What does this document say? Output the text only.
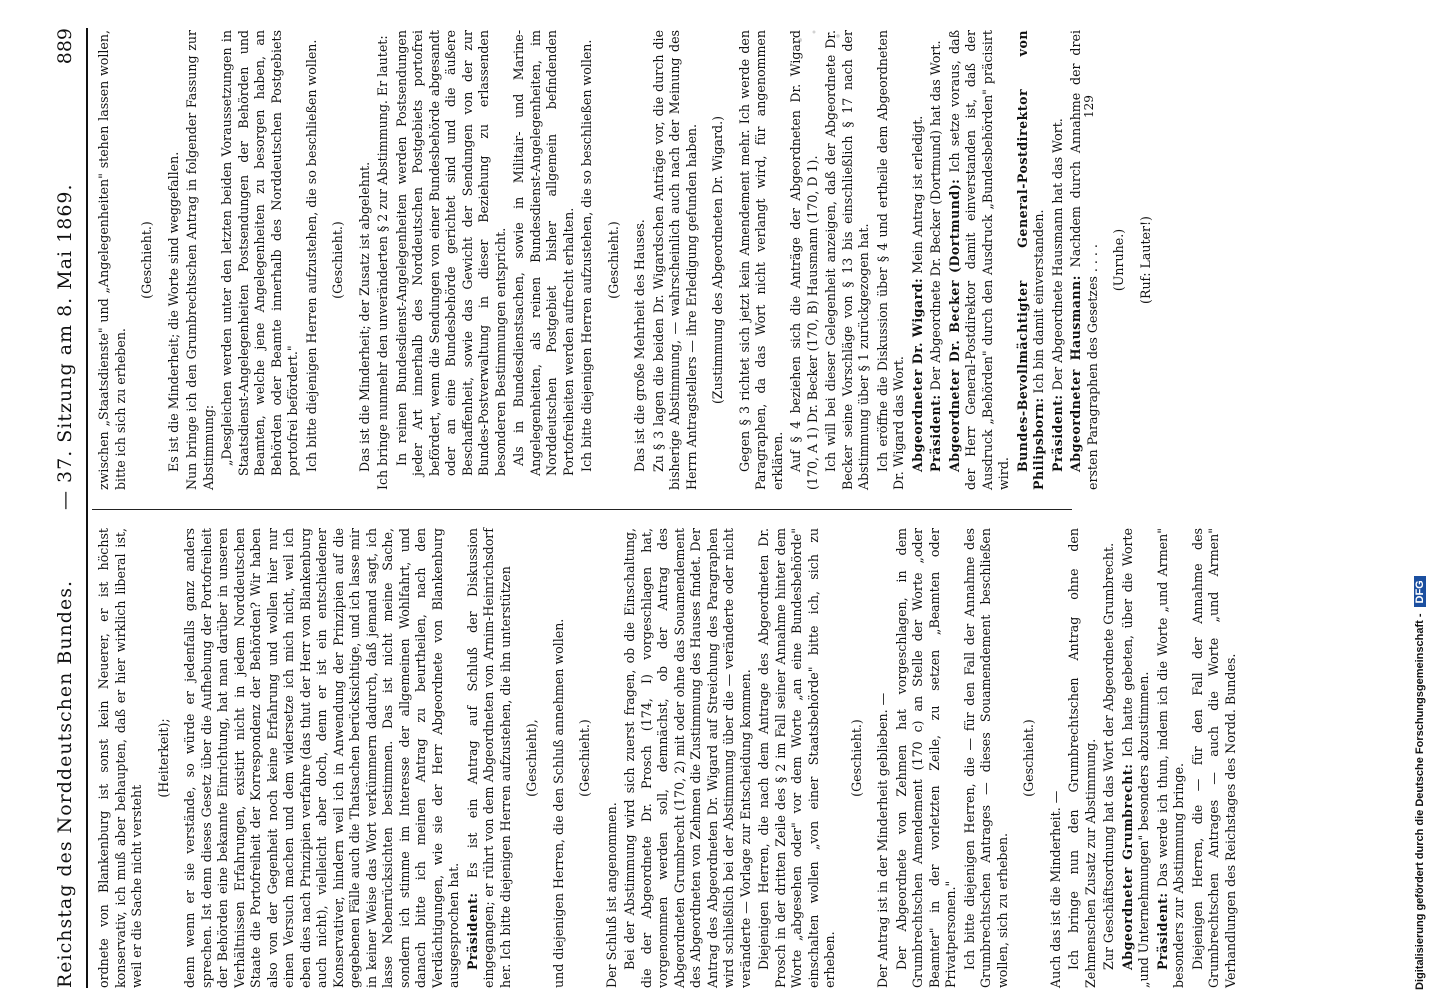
Reichstag des Norddeutschen Bundes.
— 37. Sitzung am 8. Mai 1869.
889
ordnete von Blankenburg ist sonst kein Neuerer, er ist höchst konservativ, ich muß aber behaupten, daß er hier wirklich liberal ist, weil er die Sache nicht versteht
(Heiterkeit); denn wenn er sie verstände, so würde er jedenfalls ganz anders sprechen. Ist denn dieses Gesetz über die Aufhebung der Portofreiheit der Behörden eine bekannte Einrichtung, hat man darüber in unseren Verhältnissen Erfahrungen, existirt nicht in jedem Norddeutschen Staate die Portofreiheit der Korrespondenz der Behörden? Wir haben also von der Gegenheit noch keine Erfahrung und wollen hier nur einen Versuch machen und dem widersetze ich mich nicht, weil ich eben dies nach Prinzipien verfahre (das thut der Herr von Blankenburg auch nicht), vielleicht aber doch, denn er ist ein entschiedener Konservativer, hindern weil ich in Anwendung der Prinzipien auf die gegebenen Fälle auch die Thatsachen berücksichtige, und ich lasse mir in keiner Weise das Wort verkümmern dadurch, daß jemand sagt, ich lasse Nebenrücksichten bestimmen. Das ist nicht meine Sache, sondern ich stimme im Interesse der allgemeinen Wohlfahrt, und danach bitte ich meinen Antrag zu beurtheilen, nach den Verdächtigungen, wie sie der Herr Abgeordnete von Blankenburg ausgesprochen hat. Präsident: Es ist ein Antrag auf Schluß der Diskussion eingegangen; er rührt von dem Abgeordneten von Arnim-Heinrichsdorf her. Ich bitte diejenigen Herren aufzustehen, die ihn unterstützen (Geschieht), und diejenigen Herren, die den Schluß annehmen wollen. (Geschieht.)
Der Schluß ist angenommen. Bei der Abstimmung wird sich zuerst fragen, ob die Einschaltung, die der Abgeordnete Dr. Prosch (174, I) vorgeschlagen hat, vorgenommen werden soll, demnächst, ob der Antrag des Abgeordneten Grumbrecht (170, 2) mit oder ohne das Souamendement des Abgeordneten von Zehmen die Zustimmung des Hauses findet. Der Antrag des Abgeordneten Dr. Wigard auf Streichung des Paragraphen wird schließlich bei der Abstimmung über die — veränderte oder nicht veränderte — Vorlage zur Entscheidung kommen. Diejenigen Herren, die nach dem Antrage des Abgeordneten Dr. Prosch in der dritten Zeile des § 2 im Fall seiner Annahme hinter dem Worte „abgesehen oder" vor dem Worte „an eine Bundesbehörde" einschalten wollen „von einer Staatsbehörde" bitte ich, sich zu erheben.
(Geschieht.) Der Antrag ist in der Minderheit geblieben. — Der Abgeordnete von Zehmen hat vorgeschlagen, in dem Grumbrechtschen Amendement (170 c) an Stelle der Worte „oder Beamter" in der vorletzten Zeile, zu setzen „Beamten oder Privatpersonen." Ich bitte diejenigen Herren, die — für den Fall der Annahme des Grumbrechtschen Antrages — dieses Souamendement beschließen wollen, sich zu erheben.
(Geschieht.)
Auch das ist die Minderheit. — Ich bringe nun den Grumbrechtschen Antrag ohne den Zehmenschen Zusatz zur Abstimmung. Zur Geschäftsordnung hat das Wort der Abgeordnete Grumbrecht. Abgeordneter Grumbrecht: Ich hatte gebeten, über die Worte „und Unternehmungen" besonders abzustimmen. Präsident: Das werde ich thun, indem ich die Worte „und Armen" besonders zur Abstimmung bringe. Diejenigen Herren, die — für den Fall der Annahme des Grumbrechtschen Antrages — auch die Worte „und Armen" Verhandlungen des Reichstages des Nordd. Bundes.
zwischen „Staatsdienste" und „Angelegenheiten" stehen lassen wollen, bitte ich sich zu erheben.
(Geschieht.) Es ist die Minderheit; die Worte sind weggefallen. Nun bringe ich den Grumbrechtschen Antrag in folgender Fassung zur Abstimmung: „Desgleichen werden unter den letzten beiden Voraussetzungen in Staatsdienst-Angelegenheiten Postsendungen der Behörden und Beamten, welche jene Angelegenheiten zu besorgen haben, an Behörden oder Beamte innerhalb des Norddeutschen Postgebiets portofrei befördert." Ich bitte diejenigen Herren aufzustehen, die so beschließen wollen. (Geschieht.) Das ist die Minderheit; der Zusatz ist abgelehnt. Ich bringe nunmehr den unveränderten § 2 zur Abstimmung. Er lautet: In reinen Bundesdienst-Angelegenheiten werden Postsendungen jeder Art innerhalb des Norddeutschen Postgebiets portofrei befördert, wenn die Sendungen von einer Bundesbehörde abgesandt oder an eine Bundesbehörde gerichtet sind und die äußere Beschaffenheit, sowie das Gewicht der Sendungen von der zur Bundes-Postverwaltung in dieser Beziehung zu erlassenden besonderen Bestimmungen entspricht. Als in Bundesdienstsachen, sowie in Militair- und Marine-Angelegenheiten, als reinen Bundesdienst-Angelegenheiten, im Norddeutschen Postgebiet bisher allgemein befindenden Portofreiheiten werden aufrecht erhalten. Ich bitte diejenigen Herren aufzustehen, die so beschließen wollen. (Geschieht.) Das ist die große Mehrheit des Hauses. Zu § 3 lagen die beiden Dr. Wigardschen Anträge vor, die durch die bisherige Abstimmung, — wahrscheinlich auch nach der Meinung des Herrn Antragstellers — ihre Erledigung gefunden haben. (Zustimmung des Abgeordneten Dr. Wigard.) Gegen § 3 richtet sich jetzt kein Amendement mehr. Ich werde den Paragraphen, da das Wort nicht verlangt wird, für angenommen erklären. Auf § 4 beziehen sich die Anträge der Abgeordneten Dr. Wigard (170, A 1) Dr. Becker (170, B) Hausmann (170, D 1). Ich will bei dieser Gelegenheit anzeigen, daß der Abgeordnete Dr. Becker seine Vorschläge von § 13 bis einschließlich § 17 nach der Abstimmung über § 1 zurückgezogen hat. Ich eröffne die Diskussion über § 4 und ertheile dem Abgeordneten Dr. Wigard das Wort. Abgeordneter Dr. Wigard: Mein Antrag ist erledigt.
Präsident: Der Abgeordnete Dr. Becker (Dortmund) hat das Wort. Abgeordneter Dr. Becker (Dortmund): Ich setze voraus, daß der Herr General-Postdirektor damit einverstanden ist, daß der Ausdruck „Behörden" durch den Ausdruck „Bundesbehörden" präcisirt wird.
Bundes-Bevollmächtigter General-Postdirektor von Philipsborn: Ich bin damit einverstanden.
Präsident: Der Abgeordnete Hausmann hat das Wort. Abgeordneter Hausmann: Nachdem durch Annahme der drei ersten Paragraphen des Gesetzes . . . . (Unruhe.) (Ruf: Lauter!)
129
Digitalisierung gefördert durch die Deutsche Forschungsgemeinschaft -DFG
